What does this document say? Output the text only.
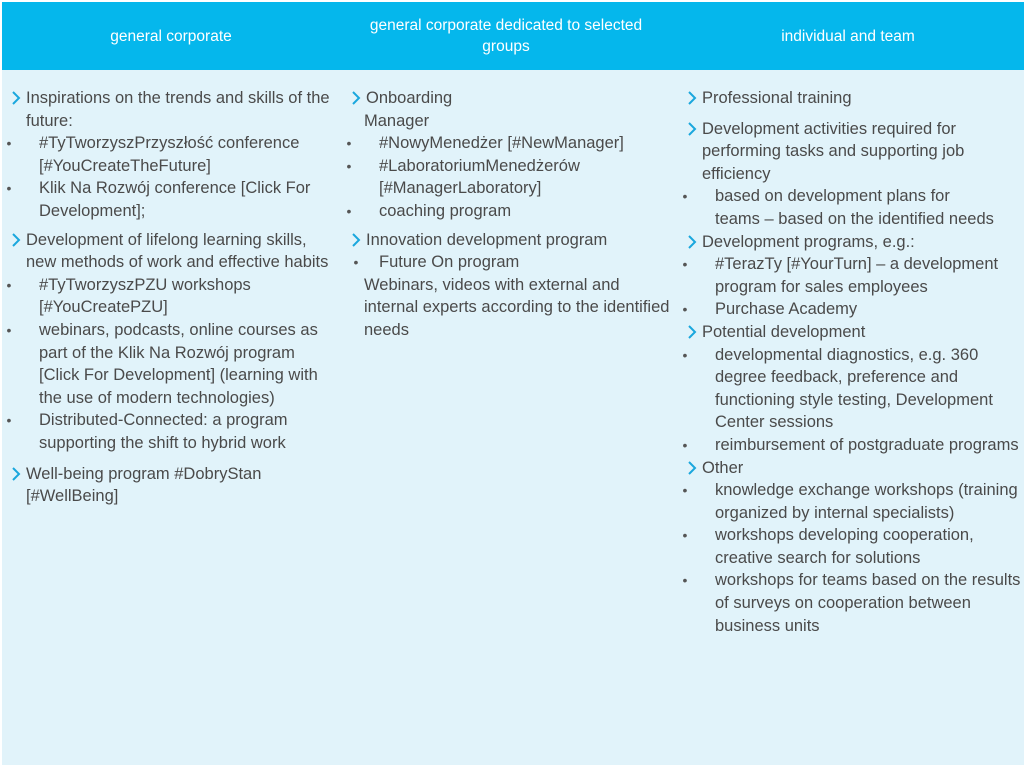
general corporate
general corporate dedicated to selected groups
individual and team
Inspirations on the trends and skills of the future:
• #TyTworzyszPrzyszłość conference [#YouCreateTheFuture]
• Klik Na Rozwój conference [Click For Development];
Development of lifelong learning skills, new methods of work and effective habits
• #TyTworzyszPZU workshops [#YouCreatePZU]
• webinars, podcasts, online courses as part of the Klik Na Rozwój program [Click For Development] (learning with the use of modern technologies)
• Distributed-Connected: a program supporting the shift to hybrid work
Well-being program #DobryStan [#WellBeing]
Onboarding
Manager
• #NowyMenedżer [#NewManager]
• #LaboratoriumMenedżerów [#ManagerLaboratory]
• coaching program
Innovation development program
• Future On program
Webinars, videos with external and internal experts according to the identified needs
Professional training
Development activities required for performing tasks and supporting job efficiency
• based on development plans for teams – based on the identified needs
Development programs, e.g.:
• #TerazTy [#YourTurn] – a development program for sales employees
• Purchase Academy
Potential development
• developmental diagnostics, e.g. 360 degree feedback, preference and functioning style testing, Development Center sessions
• reimbursement of postgraduate programs
Other
• knowledge exchange workshops (training organized by internal specialists)
• workshops developing cooperation, creative search for solutions
• workshops for teams based on the results of surveys on cooperation between business units
